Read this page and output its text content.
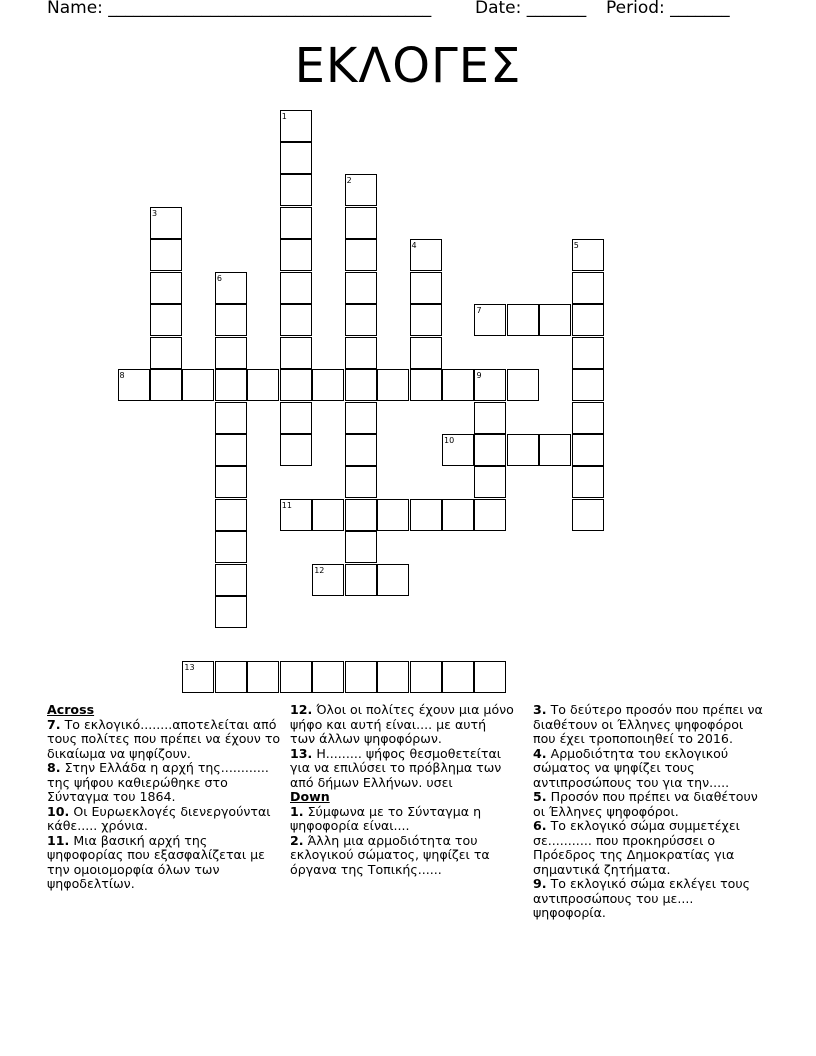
Name: ______________________________________	Date: _______ Period: _______
ΕΚΛΟΓΕΣ
1
2
3
4	5
6
7
8	9
10
11
12
13
Across

7. Το εκλογικό........αποτελείται από τους πολίτες που πρέπει να έχουν το δικαίωμα να ψηφίζουν.

8. Στην Ελλάδα η αρχή της............ της ψήφου καθιερώθηκε στο Σύνταγμα του 1864.

10. Οι Ευρωεκλογές διενεργούνται κάθε..... χρόνια.

11. Μια βασική αρχή της ψηφοφορίας που εξασφαλίζεται με την ομοιομορφία όλων των ψηφοδελτίων.

12. Όλοι οι πολίτες έχουν μια μόνο ψήφο και αυτή είναι.... με αυτή των άλλων ψηφοφόρων.

13. Η......... ψήφος θεσμοθετείται για να επιλύσει το πρόβλημα των από δήμων Ελλήνων. υσει

Down

1. Σύμφωνα με το Σύνταγμα η ψηφοφορία είναι....

2. Άλλη μια αρμοδιότητα του εκλογικού σώματος, ψηφίζει τα όργανα της Τοπικής......

3. Το δεύτερο προσόν που πρέπει να διαθέτουν οι Έλληνες ψηφοφόροι που έχει τροποποιηθεί το 2016.

4. Αρμοδιότητα του εκλογικού σώματος να ψηφίζει τους αντιπροσώπους του για την.....

5. Προσόν που πρέπει να διαθέτουν οι Έλληνες ψηφοφόροι.

6. Το εκλογικό σώμα συμμετέχει σε........... που προκηρύσσει ο Πρόεδρος της Δημοκρατίας για σημαντικά ζητήματα.

9. Το εκλογικό σώμα εκλέγει τους αντιπροσώπους του με.... ψηφοφορία.
